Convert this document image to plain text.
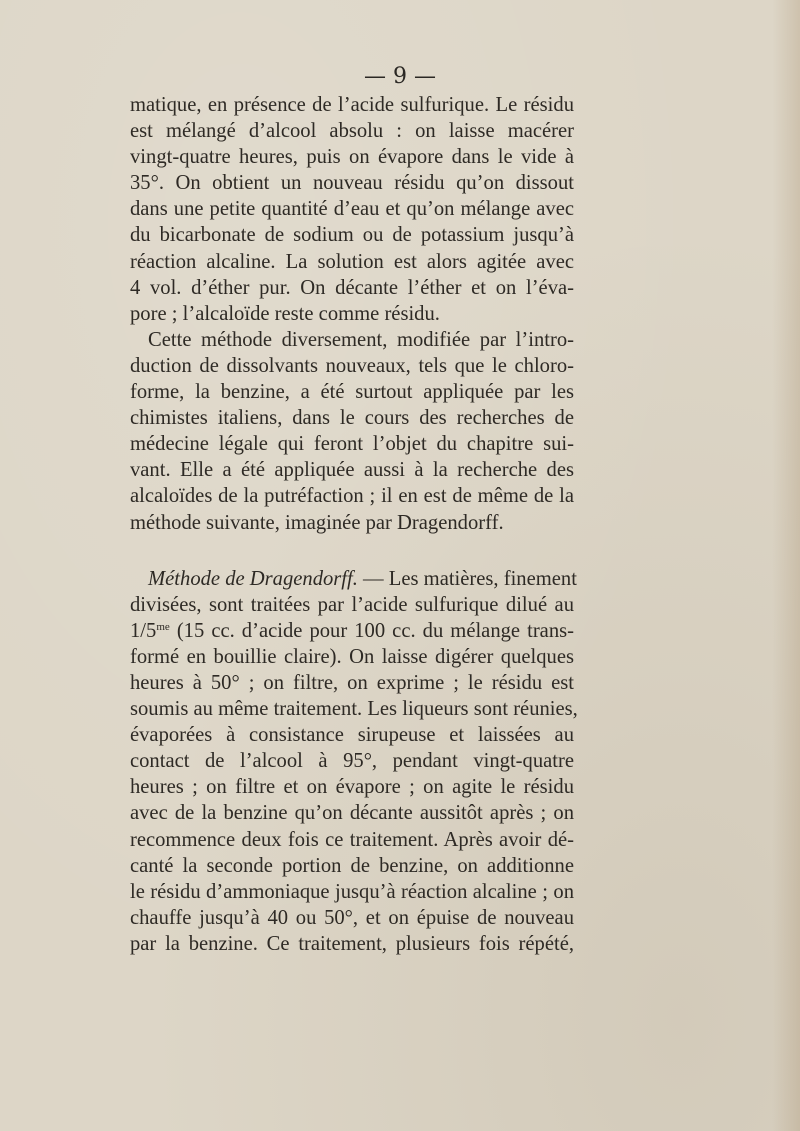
— 9 —
matique, en présence de l’acide sulfurique. Le résidu
est mélangé d’alcool absolu : on laisse macérer
vingt-quatre heures, puis on évapore dans le vide à
35°. On obtient un nouveau résidu qu’on dissout
dans une petite quantité d’eau et qu’on mélange avec
du bicarbonate de sodium ou de potassium jusqu’à
réaction alcaline. La solution est alors agitée avec
4 vol. d’éther pur. On décante l’éther et on l’éva-
pore ; l’alcaloïde reste comme résidu.
Cette méthode diversement, modifiée par l’intro-
duction de dissolvants nouveaux, tels que le chloro-
forme, la benzine, a été surtout appliquée par les
chimistes italiens, dans le cours des recherches de
médecine légale qui feront l’objet du chapitre sui-
vant. Elle a été appliquée aussi à la recherche des
alcaloïdes de la putréfaction ; il en est de même de la
méthode suivante, imaginée par Dragendorff.
Méthode de Dragendorff. — Les matières, finement
divisées, sont traitées par l’acide sulfurique dilué au
$1/5^{me}$ (15 cc. d’acide pour 100 cc. du mélange trans-
formé en bouillie claire). On laisse digérer quelques
heures à 50° ; on filtre, on exprime ; le résidu est
soumis au même traitement. Les liqueurs sont réunies,
évaporées à consistance sirupeuse et laissées au
contact de l’alcool à 95°, pendant vingt-quatre
heures ; on filtre et on évapore ; on agite le résidu
avec de la benzine qu’on décante aussitôt après ; on
recommence deux fois ce traitement. Après avoir dé-
canté la seconde portion de benzine, on additionne
le résidu d’ammoniaque jusqu’à réaction alcaline ; on
chauffe jusqu’à 40 ou 50°, et on épuise de nouveau
par la benzine. Ce traitement, plusieurs fois répété,
